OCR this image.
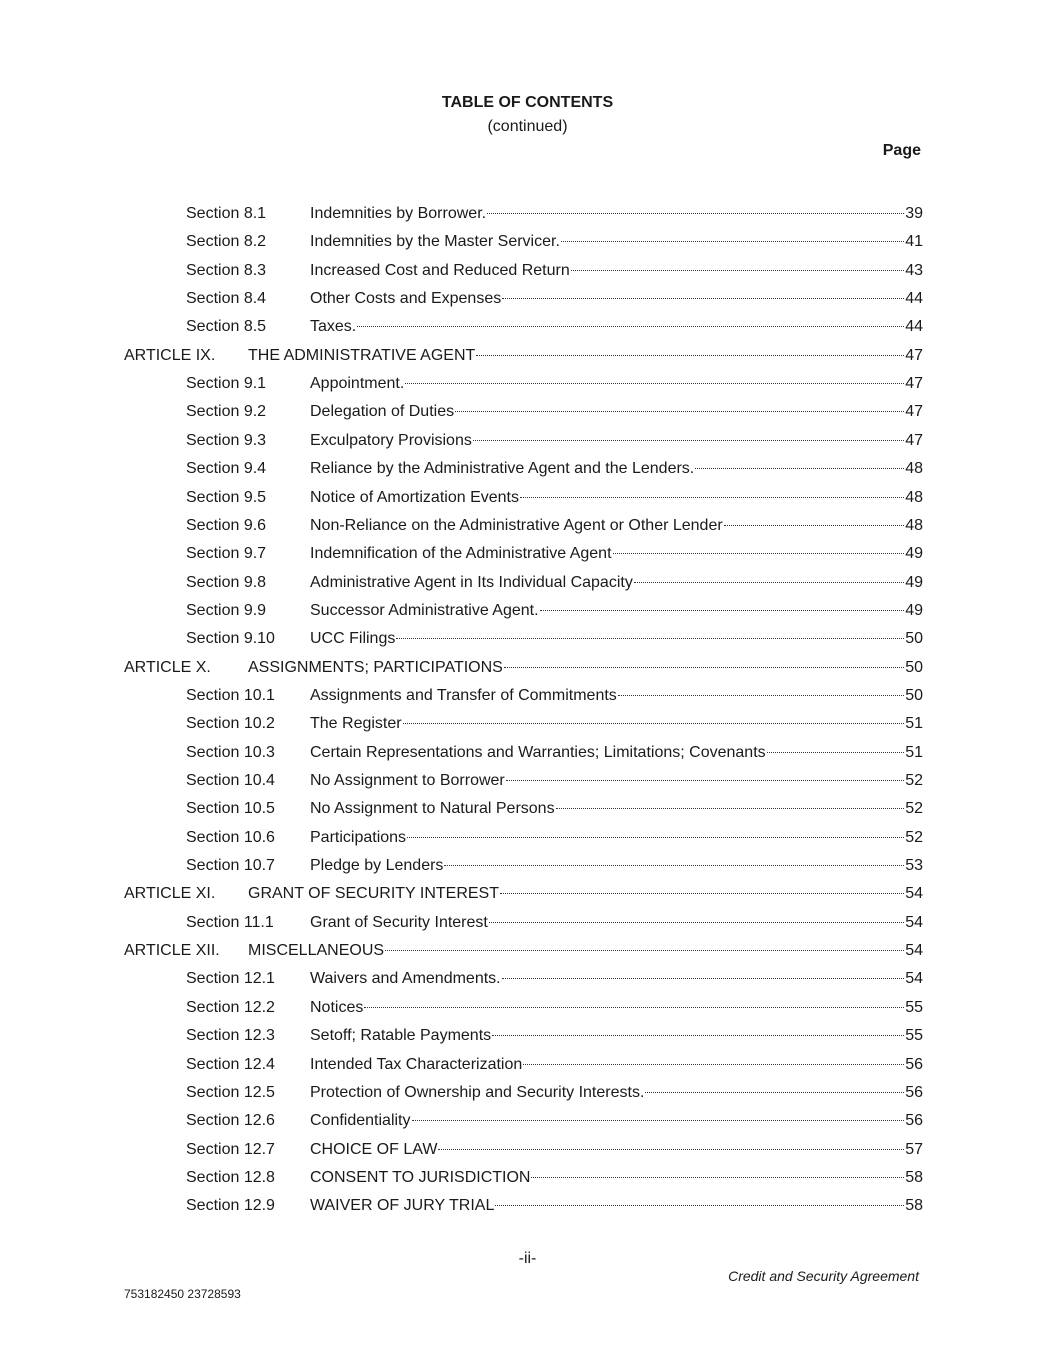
TABLE OF CONTENTS
(continued)
Page
Section 8.1	Indemnities by Borrower.	39
Section 8.2	Indemnities by the Master Servicer.	41
Section 8.3	Increased Cost and Reduced Return	43
Section 8.4	Other Costs and Expenses	44
Section 8.5	Taxes.	44
ARTICLE IX.	THE ADMINISTRATIVE AGENT	47
Section 9.1	Appointment.	47
Section 9.2	Delegation of Duties	47
Section 9.3	Exculpatory Provisions	47
Section 9.4	Reliance by the Administrative Agent and the Lenders.	48
Section 9.5	Notice of Amortization Events	48
Section 9.6	Non-Reliance on the Administrative Agent or Other Lender	48
Section 9.7	Indemnification of the Administrative Agent	49
Section 9.8	Administrative Agent in Its Individual Capacity	49
Section 9.9	Successor Administrative Agent.	49
Section 9.10	UCC Filings	50
ARTICLE X.	ASSIGNMENTS; PARTICIPATIONS	50
Section 10.1	Assignments and Transfer of Commitments	50
Section 10.2	The Register	51
Section 10.3	Certain Representations and Warranties; Limitations; Covenants	51
Section 10.4	No Assignment to Borrower	52
Section 10.5	No Assignment to Natural Persons	52
Section 10.6	Participations	52
Section 10.7	Pledge by Lenders	53
ARTICLE XI.	GRANT OF SECURITY INTEREST	54
Section 11.1	Grant of Security Interest	54
ARTICLE XII.	MISCELLANEOUS	54
Section 12.1	Waivers and Amendments.	54
Section 12.2	Notices	55
Section 12.3	Setoff; Ratable Payments	55
Section 12.4	Intended Tax Characterization	56
Section 12.5	Protection of Ownership and Security Interests.	56
Section 12.6	Confidentiality	56
Section 12.7	CHOICE OF LAW	57
Section 12.8	CONSENT TO JURISDICTION	58
Section 12.9	WAIVER OF JURY TRIAL	58
-ii-
Credit and Security Agreement
753182450 23728593
